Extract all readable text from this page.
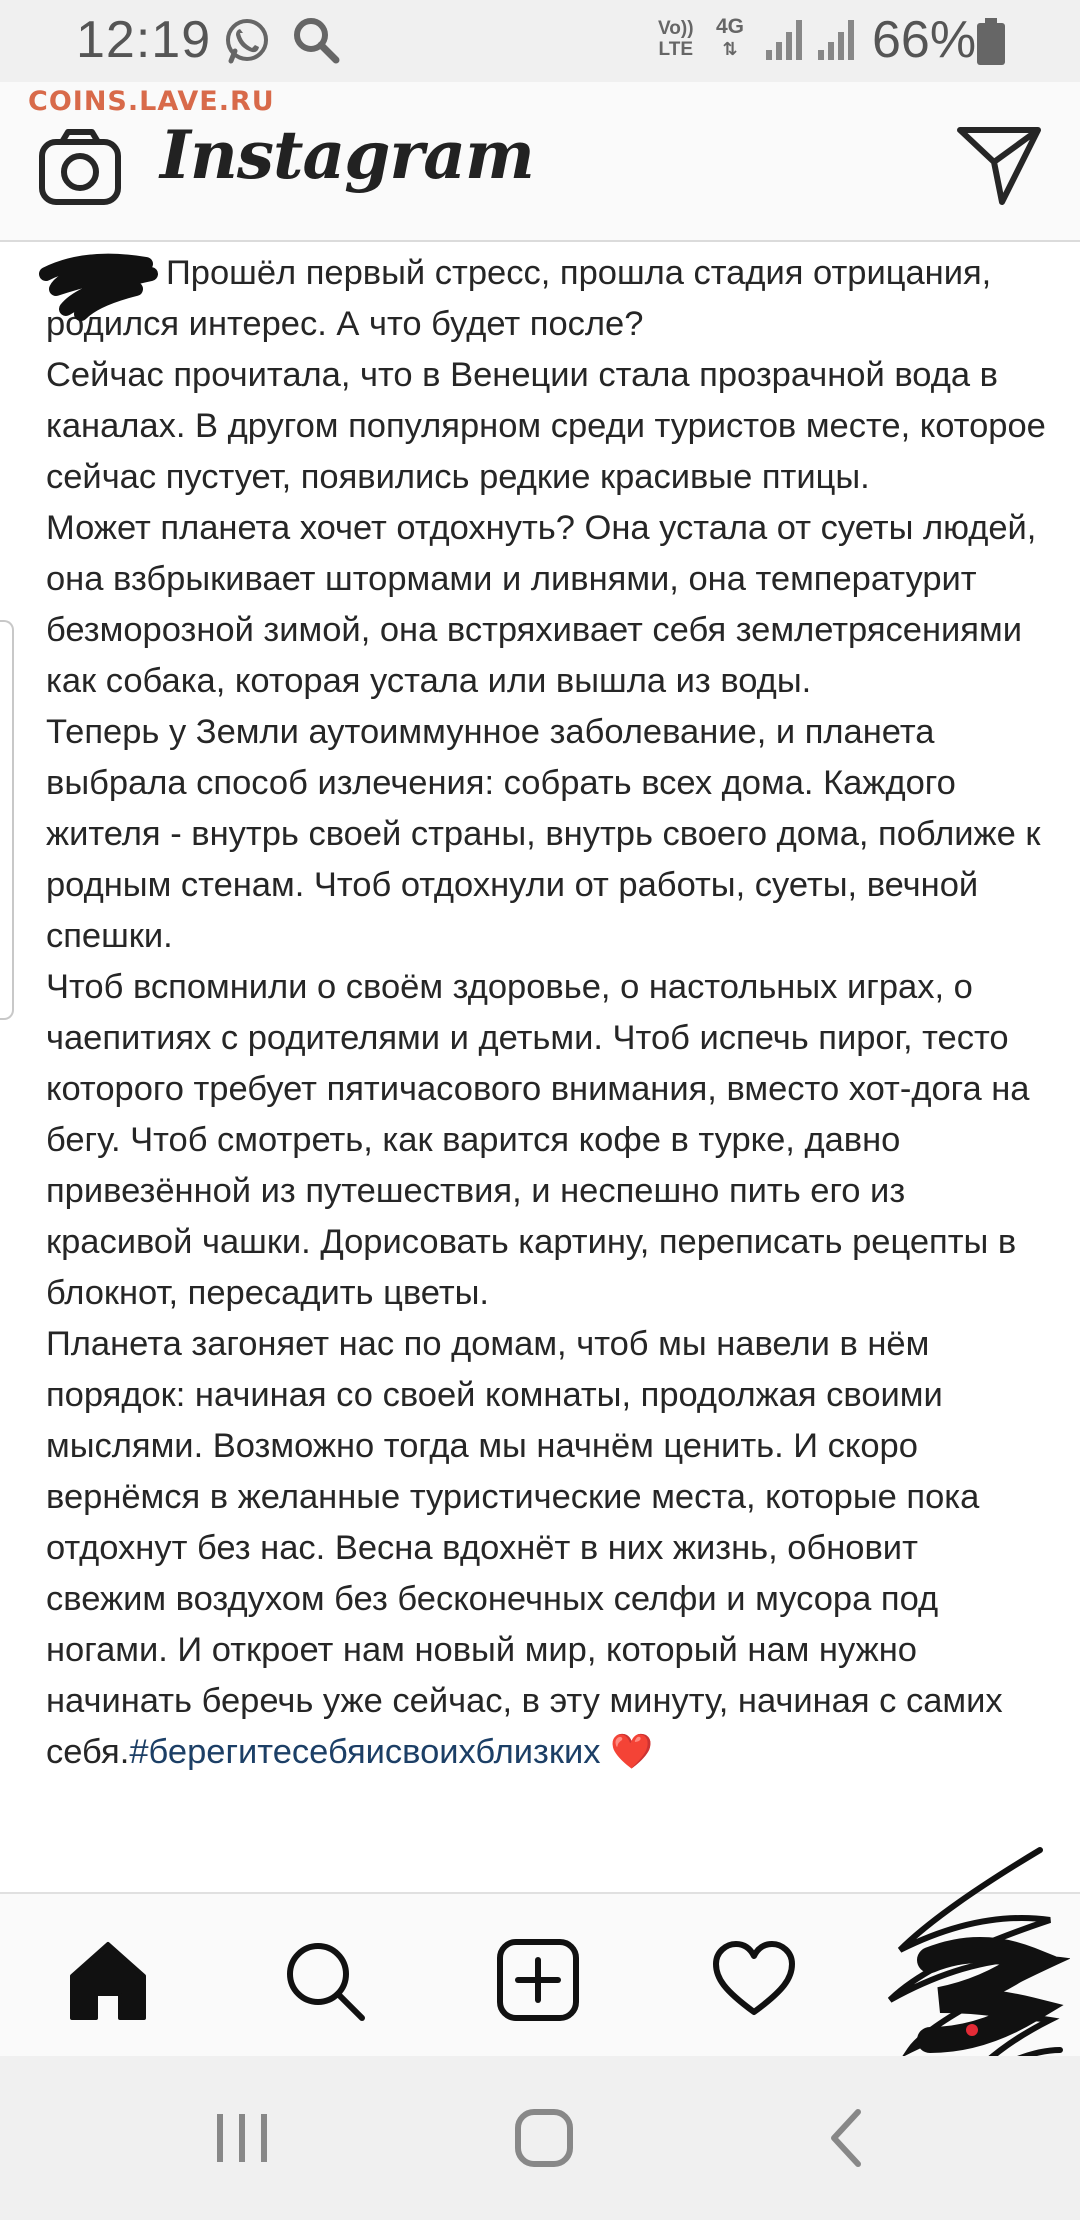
12:19	Vo))
LTE
4G
⇅	66%
COINS.LAVE.RU
Instagram

Прошёл первый стресс, прошла стадия отрицания, родился интерес. А что будет после?

Сейчас прочитала, что в Венеции стала прозрачной вода в каналах. В другом популярном среди туристов месте, которое сейчас пустует, появились редкие красивые птицы.

Может планета хочет отдохнуть? Она устала от суеты людей, она взбрыкивает штормами и ливнями, она температурит безморозной зимой, она встряхивает себя землетрясениями как собака, которая устала или вышла из воды.

Теперь у Земли аутоиммунное заболевание, и планета выбрала способ излечения: собрать всех дома. Каждого жителя - внутрь своей страны, внутрь своего дома, поближе к родным стенам. Чтоб отдохнули от работы, суеты, вечной спешки.

Чтоб вспомнили о своём здоровье, о настольных играх, о чаепитиях с родителями и детьми. Чтоб испечь пирог, тесто которого требует пятичасового внимания, вместо хот-дога на бегу. Чтоб смотреть, как варится кофе в турке, давно привезённой из путешествия, и неспешно пить его из красивой чашки. Дорисовать картину, переписать рецепты в блокнот, пересадить цветы.

Планета загоняет нас по домам, чтоб мы навели в нём порядок: начиная со своей комнаты, продолжая своими мыслями. Возможно тогда мы начнём ценить. И скоро вернёмся в желанные туристические места, которые пока отдохнут без нас. Весна вдохнёт в них жизнь, обновит свежим воздухом без бесконечных селфи и мусора под ногами. И откроет нам новый мир, который нам нужно начинать беречь уже сейчас, в эту минуту, начиная с самих себя.#берегитесебяисвоихблизких ❤️
